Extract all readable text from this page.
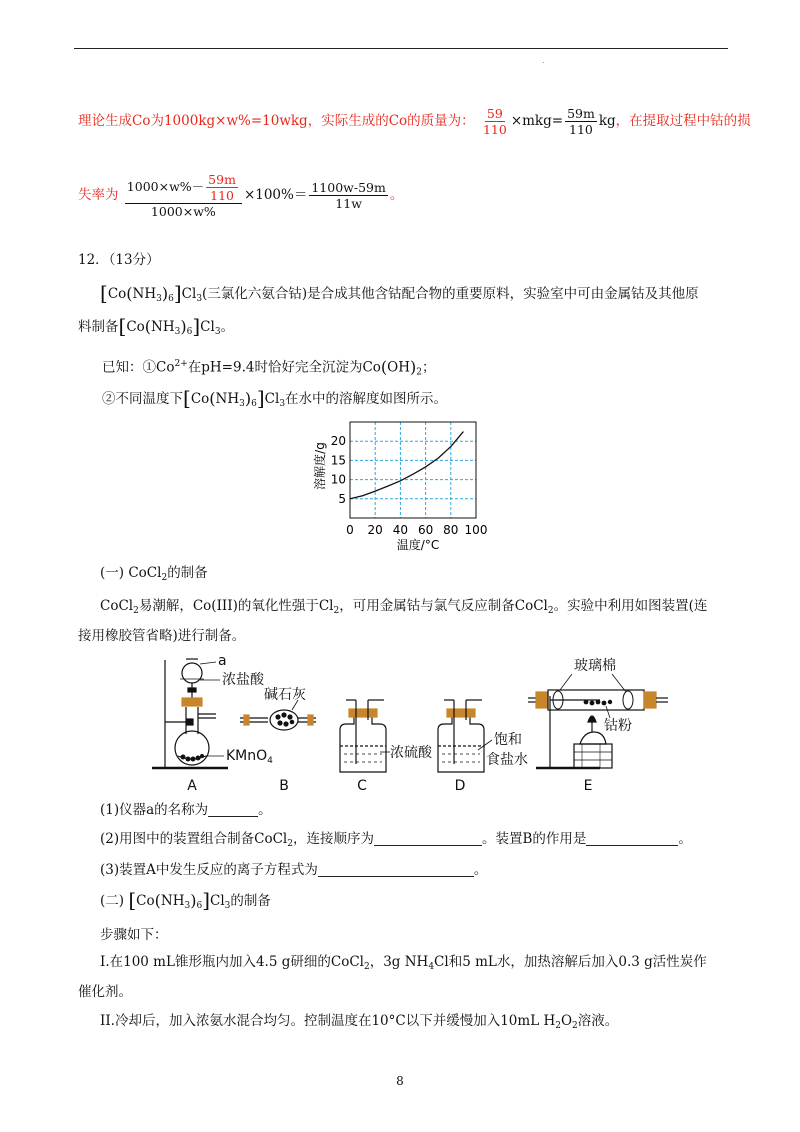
.
理论生成Co为1000kg×w%=10wkg，实际生成的Co的质量为： $\frac{59}{110} \times mkg= \frac{59m}{110}$ kg，在提取过程中钴的损
失率为 $\frac{1000\times w\%- \frac{59m}{110}}{1000\times w\%} \times 100\%= \frac{1100w-59m}{11w}$ 。
12．（13分）
$[Co(NH_3)_6]Cl_3$(三氯化六氨合钴)是合成其他含钴配合物的重要原料，实验室中可由金属钴及其他原
料制备$[Co(NH_3)_6]Cl_3$。
已知：$①Co^{2+}$在pH=9.4时恰好完全沉淀为$Co(OH)_2$；
②不同温度下$[Co(NH_3)_6]Cl_3$在水中的溶解度如图所示。
0 20 40 60 80 100
5
10
15
20
温度/°C
溶解度/g
(一) CoCl$_2$的制备
CoCl$_2$易潮解，Co(III)的氧化性强于$Cl_2$，可用金属钴与氯气反应制备CoCl$_2$。实验中利用如图装置(连
接用橡胶管省略)进行制备。
a
浓盐酸
KMnO$_4$
碱石灰
浓硫酸
饱和
食盐水
玻璃棉
钴粉
A	B	C	D	E
(1)仪器a的名称为	。
(2)用图中的装置组合制备CoCl$_2$，连接顺序为	。装置B的作用是	。
(3)装置A中发生反应的离子方程式为	。
(二) $[Co(NH_3)_6]Cl_3$的制备
步骤如下：
I.在100 mL锥形瓶内加入4.5 g研细的CoCl$_2$，3g $NH_4Cl$和5 mL水，加热溶解后加入0.3 g活性炭作
催化剂。
II.冷却后，加入浓氨水混合均匀。控制温度在10°C以下并缓慢加入10mL $H_2O_2$溶液。
8
